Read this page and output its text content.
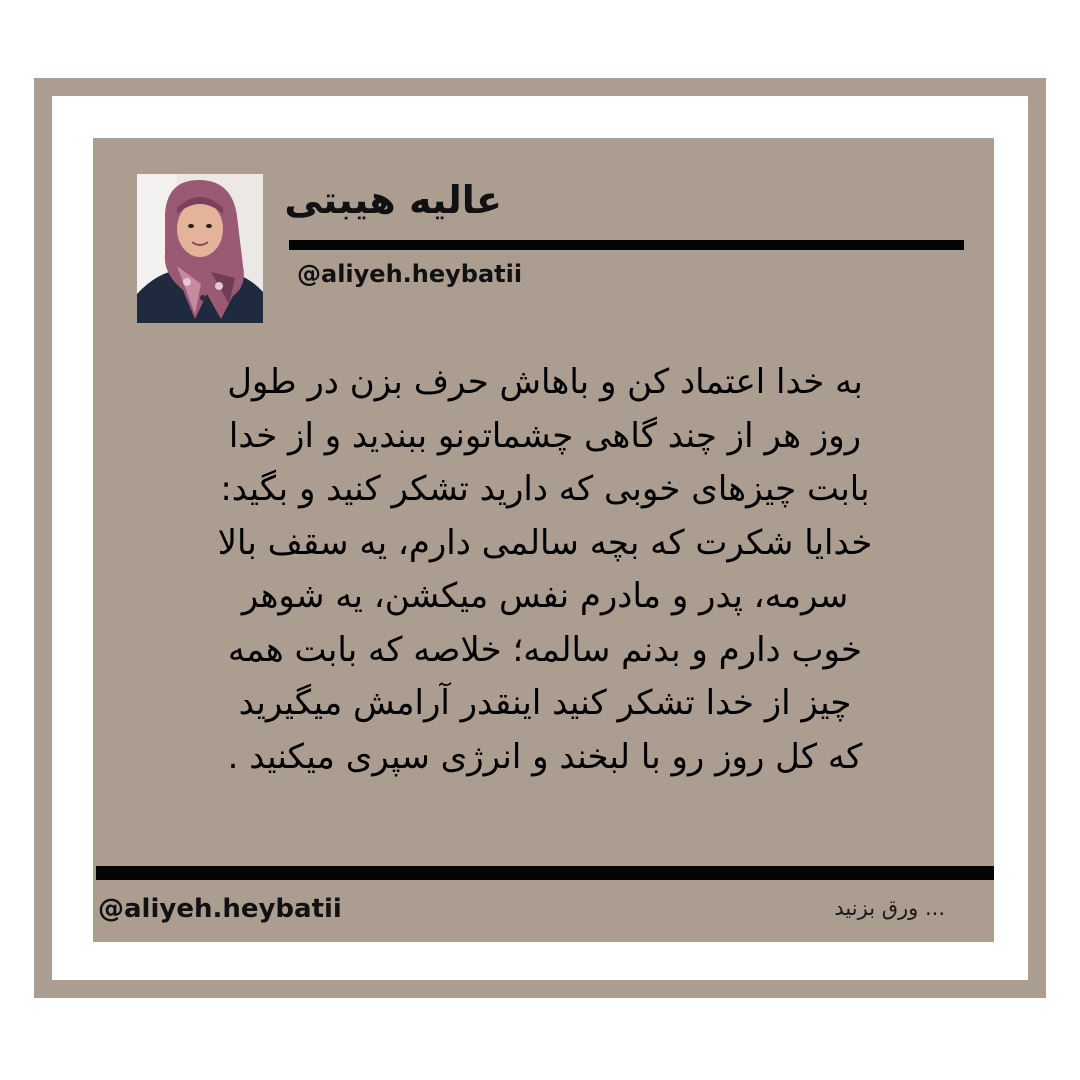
عالیه هیبتی
@aliyeh.heybatii
به خدا اعتماد کن و باهاش حرف بزن در طول
روز هر از چند گاهی چشماتونو ببندید و از خدا
بابت چیزهای خوبی که دارید تشکر کنید و بگید:
خدایا شکرت که بچه سالمی دارم، یه سقف بالا
سرمه، پدر و مادرم نفس میکشن، یه شوهر
خوب دارم و بدنم سالمه؛ خلاصه که بابت همه
چیز از خدا تشکر کنید اینقدر آرامش میگیرید
که کل روز رو با لبخند و انرژی سپری میکنید .
@aliyeh.heybatii	... ورق بزنید
